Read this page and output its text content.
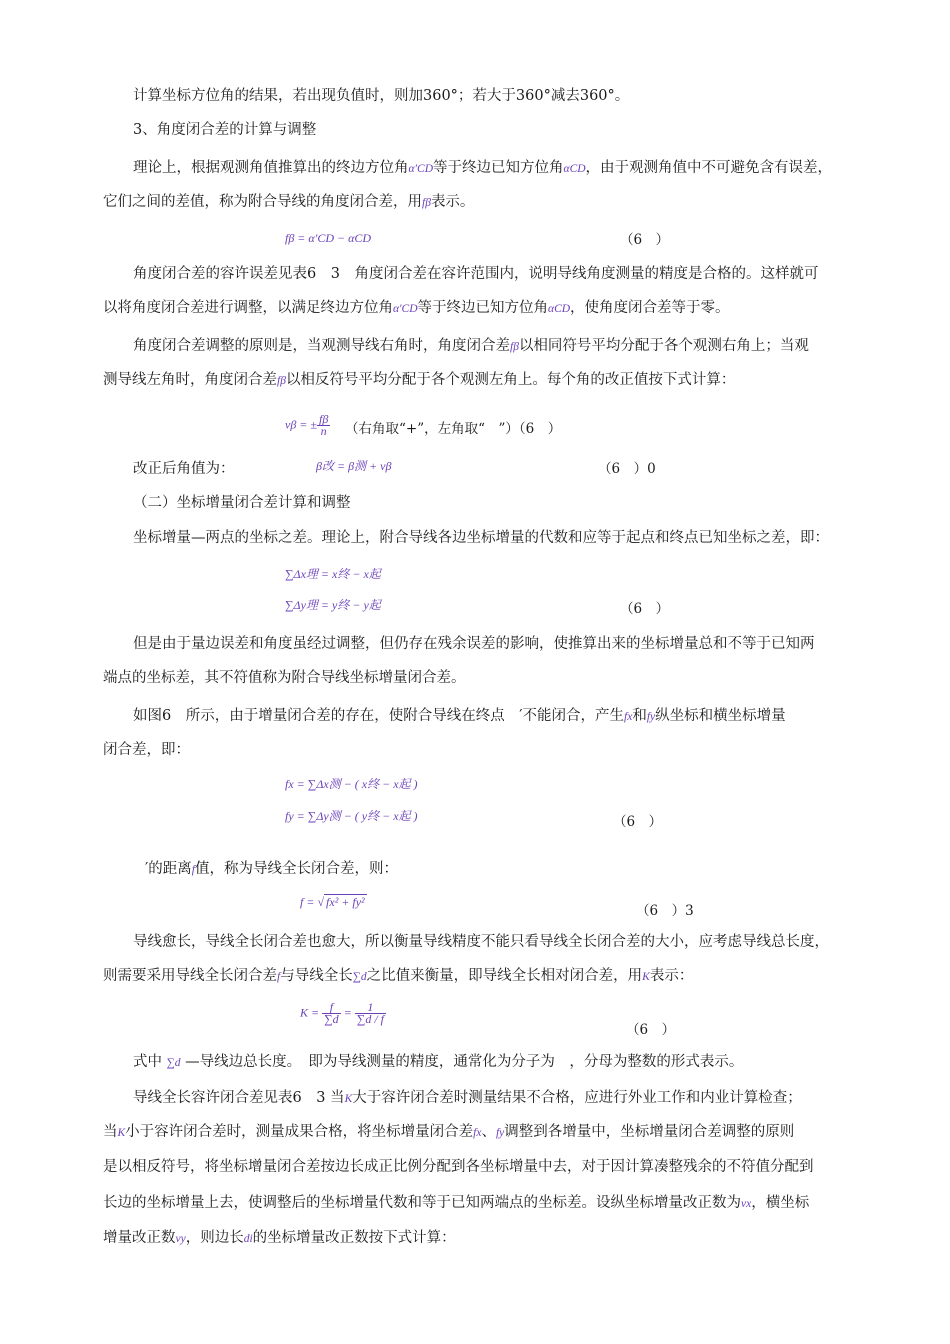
计算坐标方位角的结果，若出现负值时，则加360°；若大于360°减去360°。
3、角度闭合差的计算与调整
理论上，根据观测角值推算出的终边方位角α′CD等于终边已知方位角αCD，由于观测角值中不可避免含有误差，
它们之间的差值，称为附合导线的角度闭合差，用fβ表示。
fβ = α′CD − αCD	（6　）
角度闭合差的容许误差见表6　3　角度闭合差在容许范围内，说明导线角度测量的精度是合格的。这样就可
以将角度闭合差进行调整，以满足终边方位角α′CD等于终边已知方位角αCD，使角度闭合差等于零。
角度闭合差调整的原则是，当观测导线右角时，角度闭合差fβ以相同符号平均分配于各个观测右角上；当观
测导线左角时，角度闭合差fβ以相反符号平均分配于各个观测左角上。每个角的改正值按下式计算：
vβ = ± $\frac{f\beta}{n}$ （右角取“+”，左角取“　”）（6　）
改正后角值为：	β改 = β测 + vβ	（6　）0
（二）坐标增量闭合差计算和调整
坐标增量—两点的坐标之差。理论上，附合导线各边坐标增量的代数和应等于起点和终点已知坐标之差，即：
∑Δx理 = x终 − x起
∑Δy理 = y终 − y起	（6　）
但是由于量边误差和角度虽经过调整，但仍存在残余误差的影响，使推算出来的坐标增量总和不等于已知两
端点的坐标差，其不符值称为附合导线坐标增量闭合差。
如图6　所示，由于增量闭合差的存在，使附合导线在终点　′不能闭合，产生fx和fy纵坐标和横坐标增量
闭合差，即：
fx = ∑Δx测 − ( x终 − x起 )
fy = ∑Δy测 − ( y终 − x起 )	（6　）
′的距离f值，称为导线全长闭合差，则：
f = √ fx² + fy²
（6　）3
导线愈长，导线全长闭合差也愈大，所以衡量导线精度不能只看导线全长闭合差的大小，应考虑导线总长度，
则需要采用导线全长闭合差f与导线全长∑d之比值来衡量，即导线全长相对闭合差，用K表示：
$K = \frac{f}{\sum d} = \frac{1}{\sum d / f}$
（6　）
式中 ∑d —导线边总长度。　即为导线测量的精度，通常化为分子为　，分母为整数的形式表示。
导线全长容许闭合差见表6　3 当K大于容许闭合差时测量结果不合格，应进行外业工作和内业计算检查；
当K小于容许闭合差时，测量成果合格，将坐标增量闭合差fx、fy调整到各增量中，坐标增量闭合差调整的原则
是以相反符号，将坐标增量闭合差按边长成正比例分配到各坐标增量中去，对于因计算凑整残余的不符值分配到
长边的坐标增量上去，使调整后的坐标增量代数和等于已知两端点的坐标差。设纵坐标增量改正数为vx，横坐标
增量改正数vy，则边长di的坐标增量改正数按下式计算：
